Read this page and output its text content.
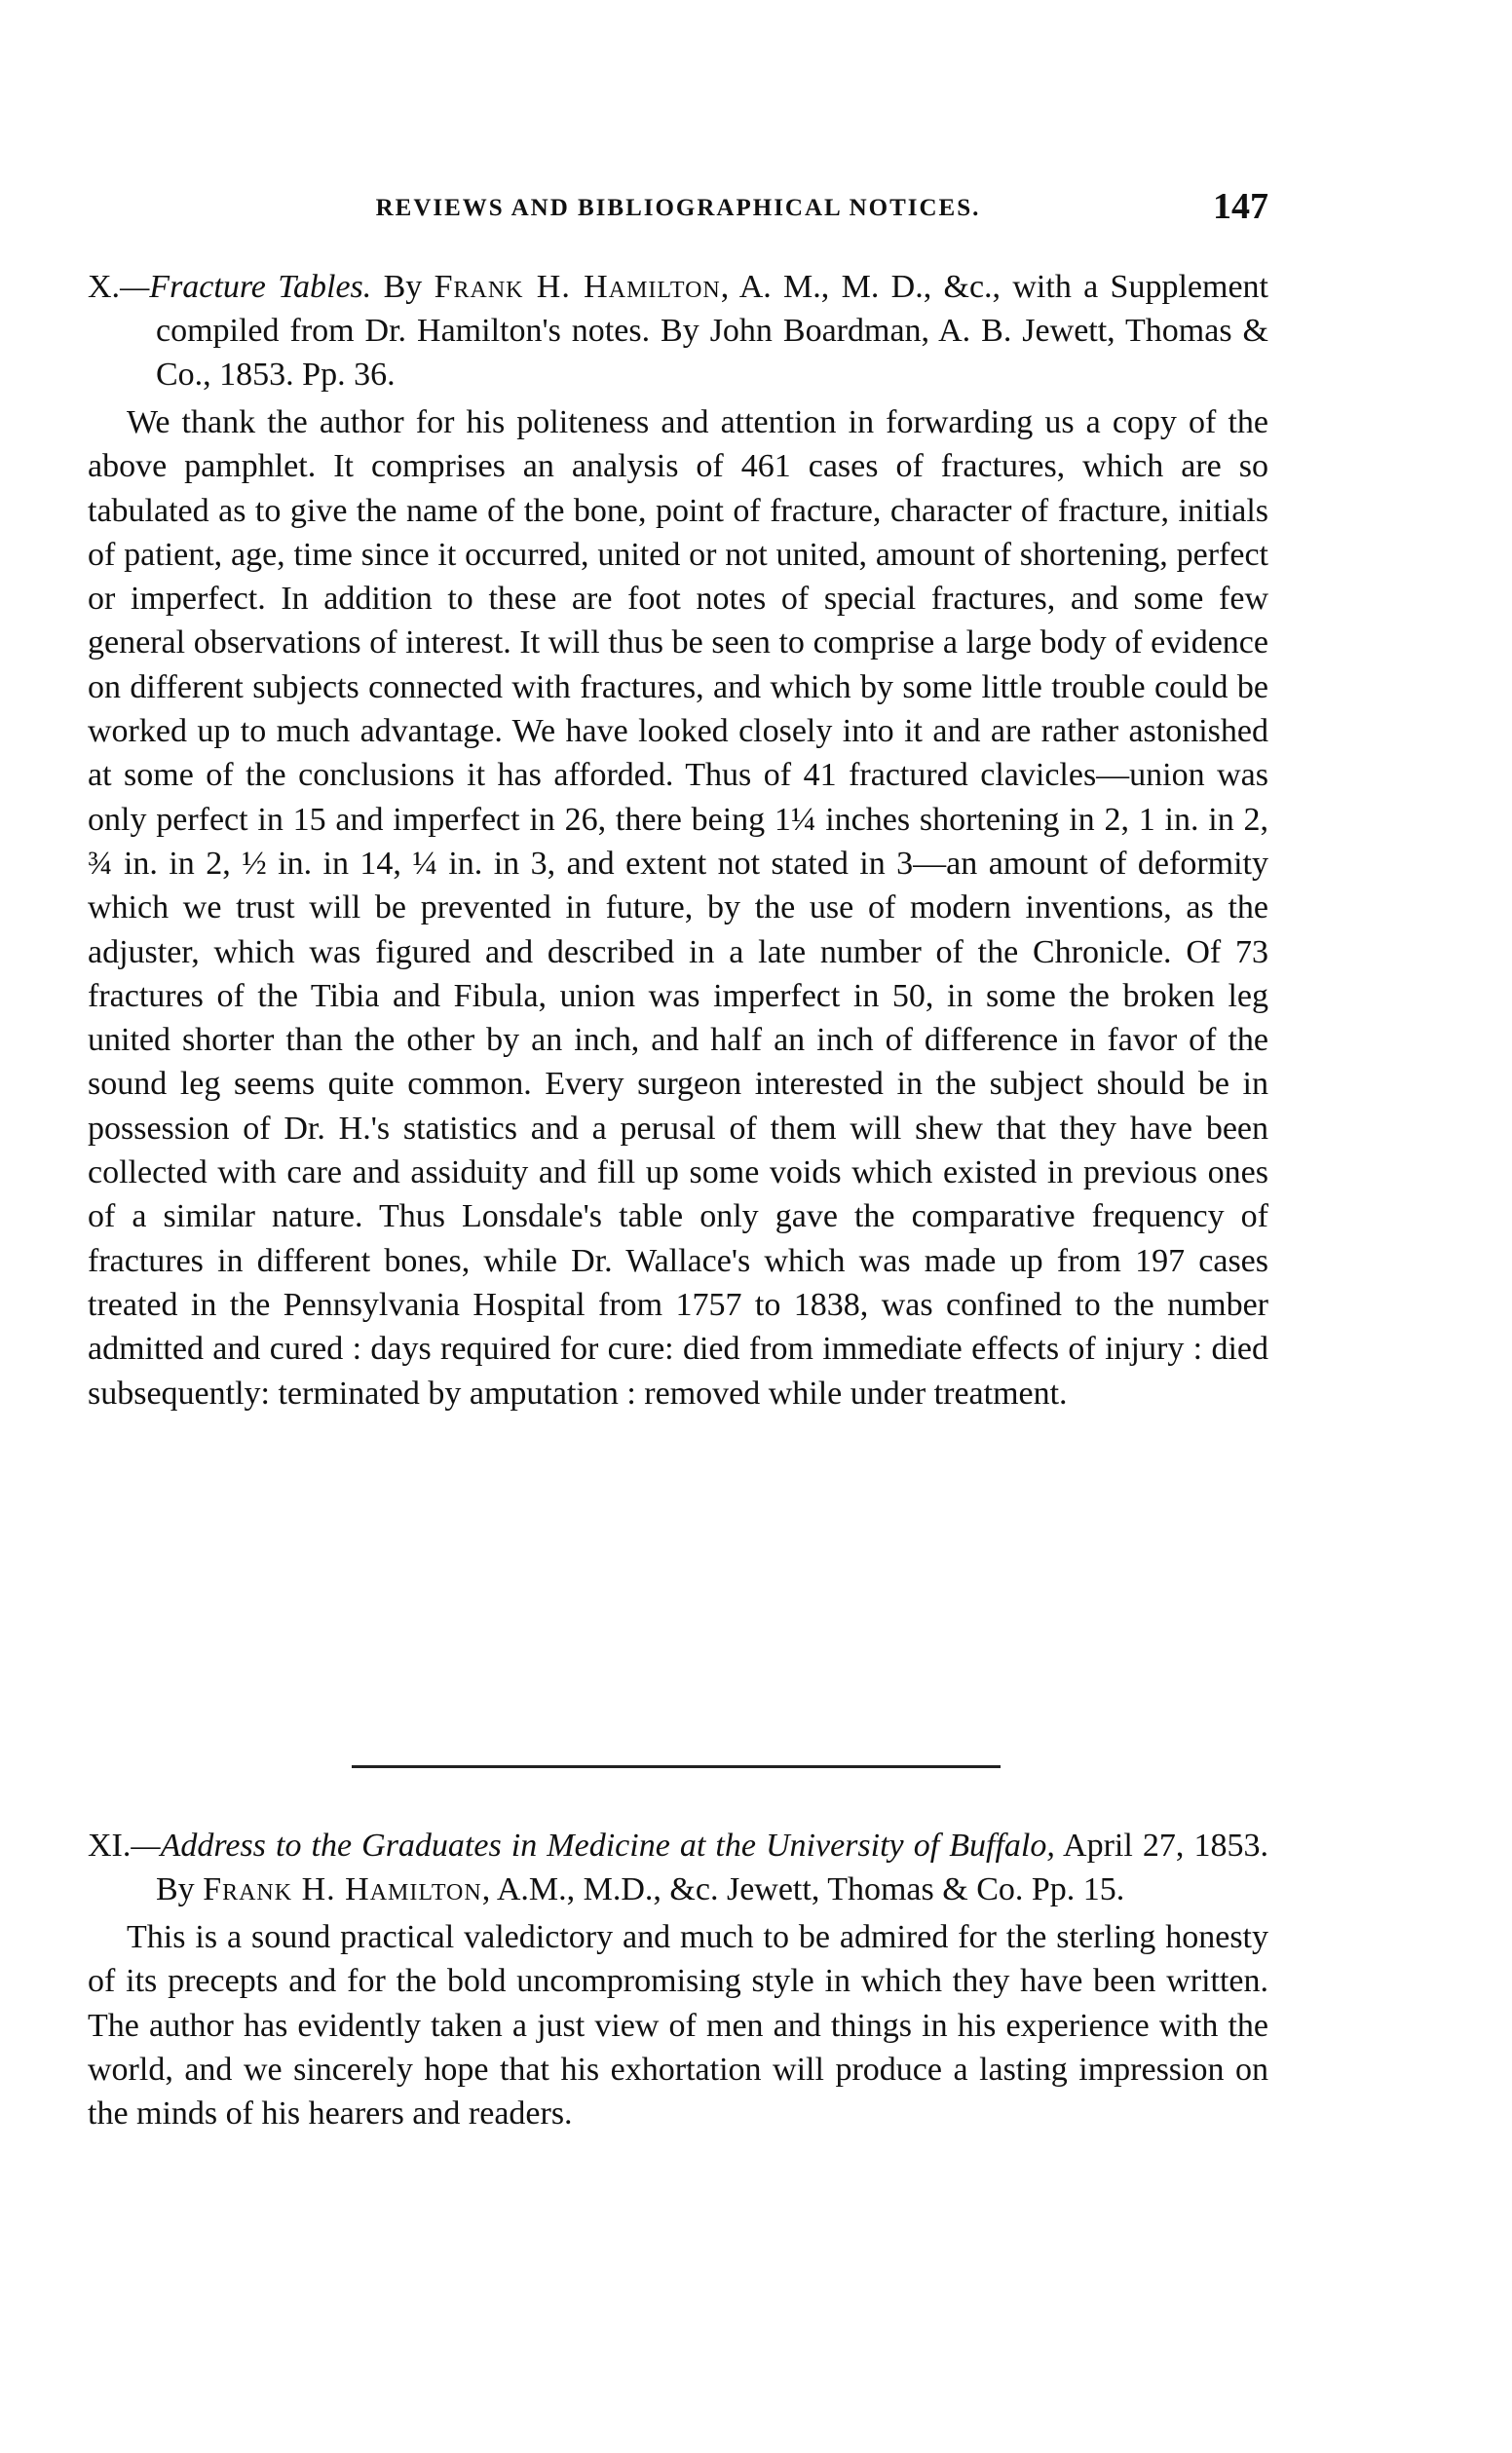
REVIEWS AND BIBLIOGRAPHICAL NOTICES.	147

X.—Fracture Tables. By Frank H. Hamilton, A. M., M. D., &c., with a Supplement compiled from Dr. Hamilton's notes. By John Boardman, A. B. Jewett, Thomas & Co., 1853. Pp. 36.

We thank the author for his politeness and attention in forwarding us a copy of the above pamphlet. It comprises an analysis of 461 cases of fractures, which are so tabulated as to give the name of the bone, point of fracture, character of fracture, initials of patient, age, time since it occurred, united or not united, amount of shortening, perfect or imperfect. In addition to these are foot notes of special fractures, and some few general observations of interest. It will thus be seen to comprise a large body of evidence on different subjects connected with fractures, and which by some little trouble could be worked up to much advantage. We have looked closely into it and are rather astonished at some of the conclusions it has afforded. Thus of 41 fractured clavicles—union was only perfect in 15 and imperfect in 26, there being 1¼ inches shortening in 2, 1 in. in 2, ¾ in. in 2, ½ in. in 14, ¼ in. in 3, and extent not stated in 3—an amount of deformity which we trust will be prevented in future, by the use of modern inventions, as the adjuster, which was figured and described in a late number of the Chronicle. Of 73 fractures of the Tibia and Fibula, union was imperfect in 50, in some the broken leg united shorter than the other by an inch, and half an inch of difference in favor of the sound leg seems quite common. Every surgeon interested in the subject should be in possession of Dr. H.'s statistics and a perusal of them will shew that they have been collected with care and assiduity and fill up some voids which existed in previous ones of a similar nature. Thus Lonsdale's table only gave the comparative frequency of fractures in different bones, while Dr. Wallace's which was made up from 197 cases treated in the Pennsylvania Hospital from 1757 to 1838, was confined to the number admitted and cured : days required for cure: died from immediate effects of injury : died subsequently: terminated by amputation : removed while under treatment.

XI.—Address to the Graduates in Medicine at the University of Buffalo, April 27, 1853. By Frank H. Hamilton, A.M., M.D., &c. Jewett, Thomas & Co. Pp. 15.

This is a sound practical valedictory and much to be admired for the sterling honesty of its precepts and for the bold uncompromising style in which they have been written. The author has evidently taken a just view of men and things in his experience with the world, and we sincerely hope that his exhortation will produce a lasting impression on the minds of his hearers and readers.
